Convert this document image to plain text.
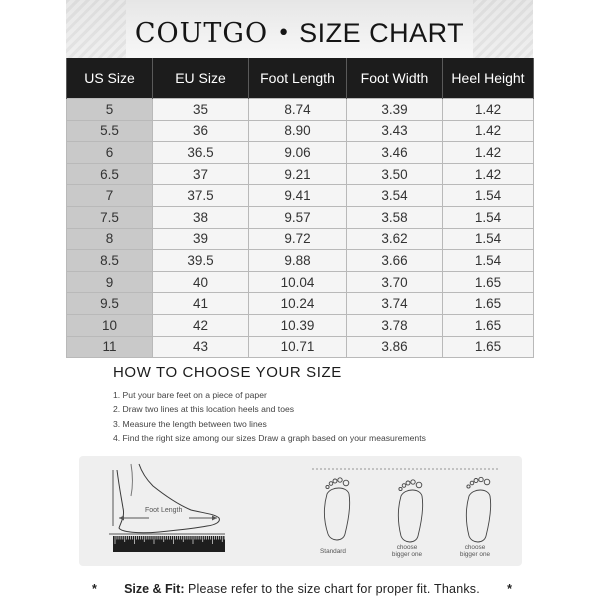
COUTGO • SIZE CHART
US Size	EU Size	Foot Length	Foot Width	Heel Height
5	35	8.74	3.39	1.42
5.5	36	8.90	3.43	1.42
6	36.5	9.06	3.46	1.42
6.5	37	9.21	3.50	1.42
7	37.5	9.41	3.54	1.54
7.5	38	9.57	3.58	1.54
8	39	9.72	3.62	1.54
8.5	39.5	9.88	3.66	1.54
9	40	10.04	3.70	1.65
9.5	41	10.24	3.74	1.65
10	42	10.39	3.78	1.65
11	43	10.71	3.86	1.65
HOW TO CHOOSE YOUR SIZE
1. Put your bare feet on a piece of paper
2. Draw two lines at this location heels and toes
3. Measure the length between two lines
4. Find the right size among our sizes Draw a graph based on your measurements
Foot Length
Standard
choose
bigger one
choose
bigger one
* Size & Fit: Please refer to the size chart for proper fit. Thanks. *
